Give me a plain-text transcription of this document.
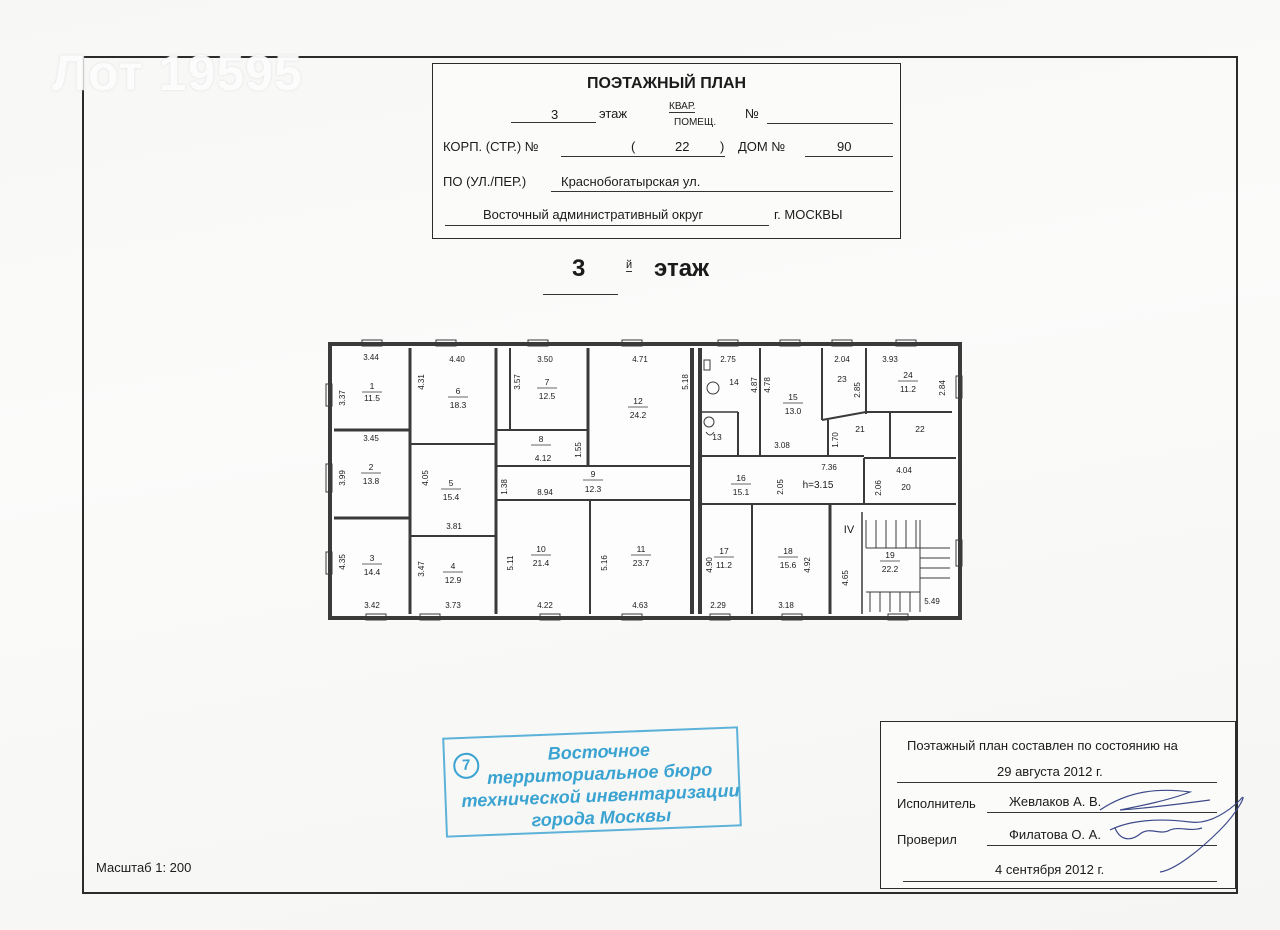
Лот 19595	ПОЭТАЖНЫЙ ПЛАН
3	этаж	КВАР.
ПОМЕЩ.
№
КОРП. (СТР.) №	(	22 ) ДОМ №	90
ПО (УЛ./ПЕР.)	Краснобогатырская ул.
Восточный административный округ	г. МОСКВЫ
3	й этаж
1
11.5
2
13.8
3
14.4
4
12.9
5
15.4
6
18.3
7
12.5
8
4.12
9
12.3
10
21.4
11
23.7
12
24.2
13
14
15
13.0
16
15.1
17
11.2
18
15.6
19
22.2
20
21	22
23	24
11.2
3.44
3.45
3.42
4.40
3.81
3.73
3.50
8.94
4.22	4.63
4.71	2.75
3.08
2.04	3.93
7.36	4.04
2.29	3.18	5.49
h=3.15
IV
3.37
3.99
4.35
4.31
4.05
3.47
3.57
1.55
1.38
5.11	5.16
5.18	4.87 4.78	2.85	2.84
1.70
2.05	2.06
4.90	4.92
4.65
7
Восточное
территориальное бюро
технической инвентаризации
города Москвы
Поэтажный план составлен по состоянию на
29 августа 2012 г.
Исполнитель	Жевлаков А. В.
Проверил	Филатова О. А.
4 сентября 2012 г.
Масштаб 1: 200
